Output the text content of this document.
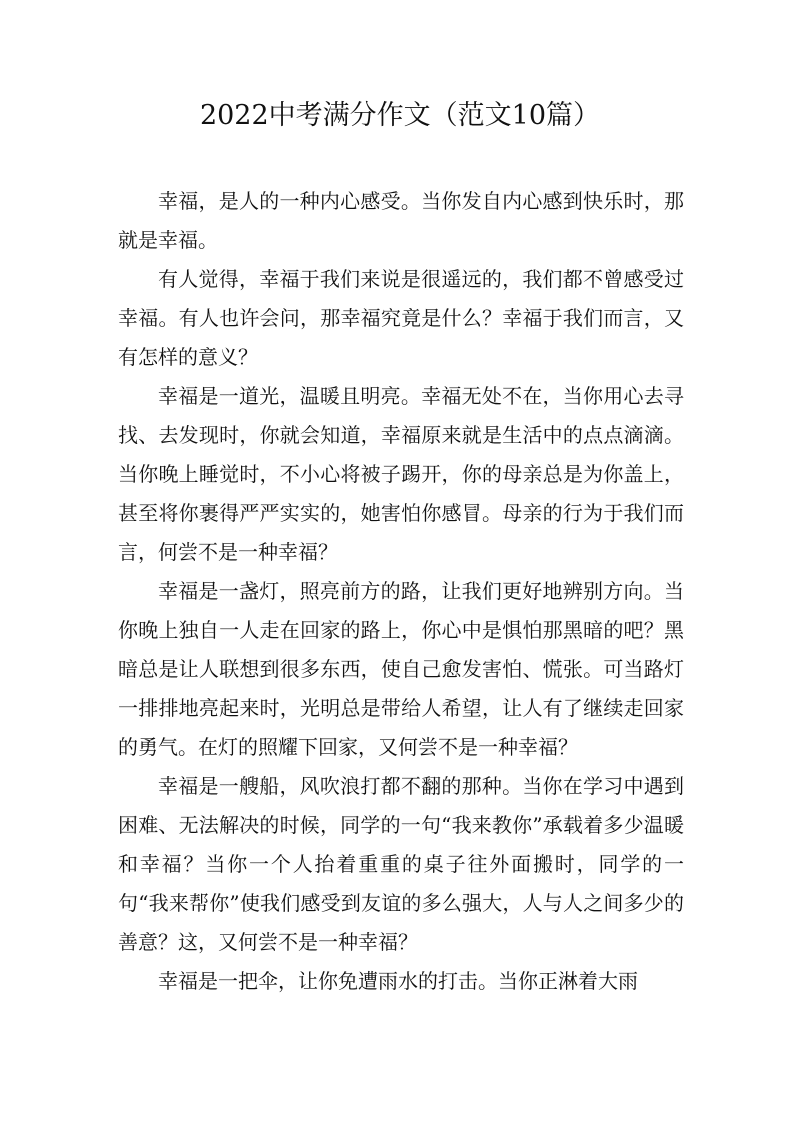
2022中考满分作文（范文10篇）

幸福，是人的一种内心感受。当你发自内心感到快乐时，那就是幸福。

有人觉得，幸福于我们来说是很遥远的，我们都不曾感受过幸福。有人也许会问，那幸福究竟是什么？幸福于我们而言，又有怎样的意义？

幸福是一道光，温暖且明亮。幸福无处不在，当你用心去寻找、去发现时，你就会知道，幸福原来就是生活中的点点滴滴。当你晚上睡觉时，不小心将被子踢开，你的母亲总是为你盖上，甚至将你裹得严严实实的，她害怕你感冒。母亲的行为于我们而言，何尝不是一种幸福？

幸福是一盏灯，照亮前方的路，让我们更好地辨别方向。当你晚上独自一人走在回家的路上，你心中是惧怕那黑暗的吧？黑暗总是让人联想到很多东西，使自己愈发害怕、慌张。可当路灯一排排地亮起来时，光明总是带给人希望，让人有了继续走回家的勇气。在灯的照耀下回家，又何尝不是一种幸福？

幸福是一艘船，风吹浪打都不翻的那种。当你在学习中遇到困难、无法解决的时候，同学的一句“我来教你”承载着多少温暖和幸福？当你一个人抬着重重的桌子往外面搬时，同学的一句“我来帮你”使我们感受到友谊的多么强大，人与人之间多少的善意？这，又何尝不是一种幸福？

幸福是一把伞，让你免遭雨水的打击。当你正淋着大雨
